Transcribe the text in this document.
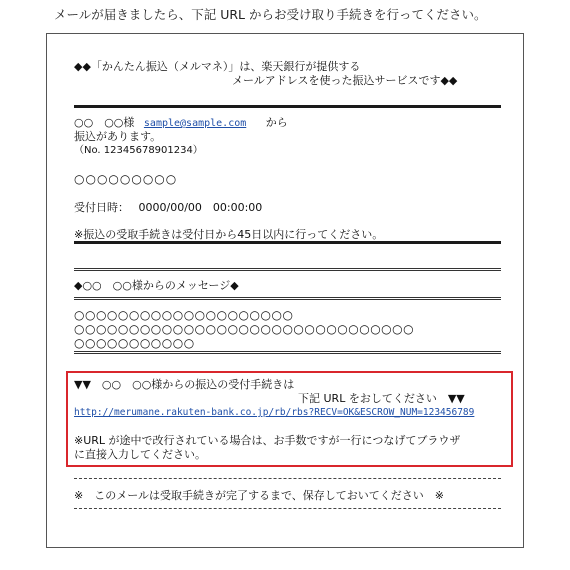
メールが届きましたら、下記 URL からお受け取り手続きを行ってください。
◆◆「かんたん振込（メルマネ）」は、楽天銀行が提供する
メールアドレスを使った振込サービスです◆◆
○○　○○様 sample@sample.com から
振込があります。
（No. 12345678901234）
○○○○○○○○○
受付日時： 0000/00/00　00:00:00
※振込の受取手続きは受付日から45日以内に行ってください。
◆○○　○○様からのメッセージ◆
○○○○○○○○○○○○○○○○○○○○
○○○○○○○○○○○○○○○○○○○○○○○○○○○○○○○
○○○○○○○○○○○
▼▼　○○　○○様からの振込の受付手続きは
下記 URL をおしてください　▼▼
http://merumane.rakuten-bank.co.jp/rb/rbs?RECV=OK&ESCROW_NUM=123456789
※URL が途中で改行されている場合は、お手数ですが一行につなげてブラウザ
に直接入力してください。
※　このメールは受取手続きが完了するまで、保存しておいてください　※
